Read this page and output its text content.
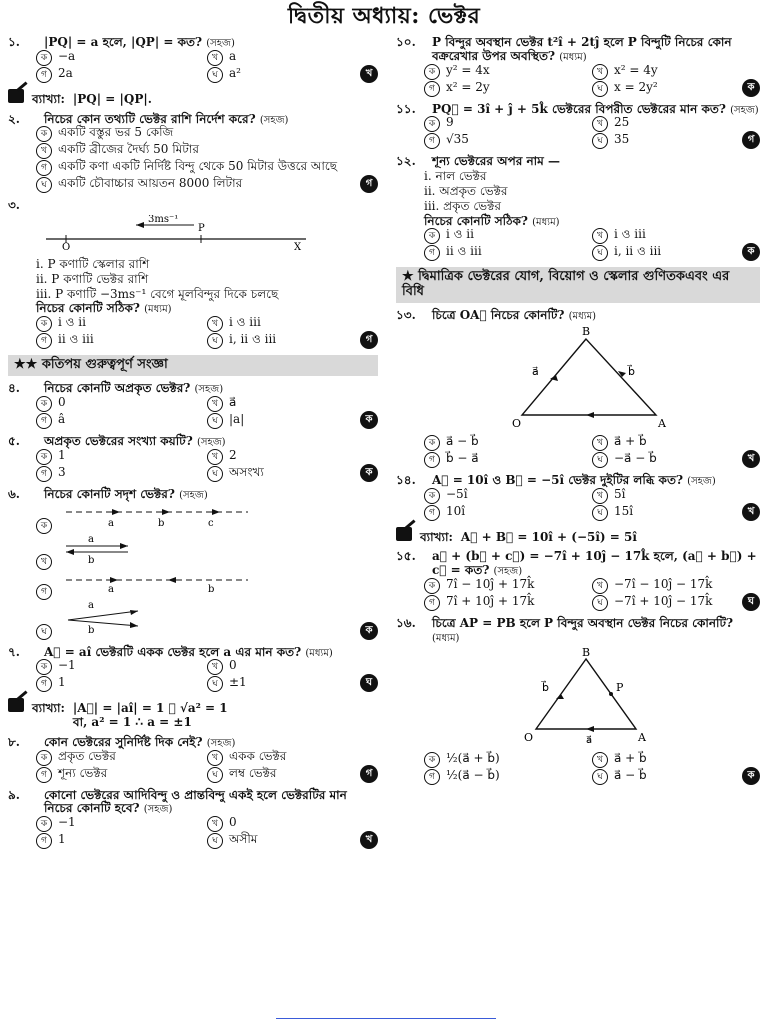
দ্বিতীয় অধ্যায়: ভেক্টর
১.	|PQ| = a হলে, |QP| = কত? (সহজ)
ক −a	খ a
গ 2a	ঘ a²	খ
ব্যাখ্যা: |PQ| = |QP|.
২.	নিচের কোন তথ্যটি ভেক্টর রাশি নির্দেশ করে? (সহজ)
ক একটি বস্তুর ভর 5 কেজি
খ একটি ব্রীজের দৈর্ঘ্য 50 মিটার
গ একটি কণা একটি নির্দিষ্ট বিন্দু থেকে 50 মিটার উত্তরে আছে
ঘ একটি চৌবাচ্চার আয়তন 8000 লিটার	গ
৩.
3ms⁻¹
P
O	X
i. P কণাটি স্কেলার রাশি
ii. P কণাটি ভেক্টর রাশি
iii. P কণাটি −3ms⁻¹ বেগে মূলবিন্দুর দিকে চলছে
নিচের কোনটি সঠিক? (মধ্যম)
ক i ও ii	খ i ও iii
গ ii ও iii	ঘ i, ii ও iii	গ
★★ কতিপয় গুরুত্বপূর্ণ সংজ্ঞা
৪.	নিচের কোনটি অপ্রকৃত ভেক্টর? (সহজ)
ক 0	খ a⃗
গ â	ঘ |a|	ক
৫.	অপ্রকৃত ভেক্টরের সংখ্যা কয়টি? (সহজ)
ক 1	খ 2
গ 3	ঘ অসংখ্য	ক
৬.	নিচের কোনটি সদৃশ ভেক্টর? (সহজ)
ক	a	b	c
খ
a
b
গ	a	b
ঘ
a
b	ক
৭.	A⃗ = aî ভেক্টরটি একক ভেক্টর হলে a এর মান কত? (মধ্যম)
ক −1	খ 0
গ 1	ঘ ±1	ঘ
ব্যাখ্যা: |A⃗| = |aî| = 1 ∴ √a² = 1
বা, a² = 1 ∴ a = ±1
৮.	কোন ভেক্টরের সুনির্দিষ্ট দিক নেই? (সহজ)
ক প্রকৃত ভেক্টর	খ একক ভেক্টর
গ শূন্য ভেক্টর	ঘ লম্ব ভেক্টর	গ
৯.	কোনো ভেক্টরের আদিবিন্দু ও প্রান্তবিন্দু একই হলে ভেক্টরটির মান নিচের কোনটি হবে? (সহজ)
ক −1	খ 0
গ 1	ঘ অসীম	খ
১০.	P বিন্দুর অবস্থান ভেক্টর t²î + 2tĵ হলে P বিন্দুটি নিচের কোন বক্ররেখার উপর অবস্থিত? (মধ্যম)
ক y² = 4x	খ x² = 4y
গ x² = 2y	ঘ x = 2y²	ক
১১.	PQ⃗ = 3î + ĵ + 5k̂ ভেক্টরের বিপরীত ভেক্টরের মান কত? (সহজ)
ক 9	খ 25
গ √35	ঘ 35	গ
১২.	শূন্য ভেক্টরের অপর নাম —
i. নাল ভেক্টর
ii. অপ্রকৃত ভেক্টর
iii. প্রকৃত ভেক্টর
নিচের কোনটি সঠিক? (মধ্যম)
ক i ও ii	খ i ও iii
গ ii ও iii	ঘ i, ii ও iii	ক
★ দ্বিমাত্রিক ভেক্টরের যোগ, বিয়োগ ও স্কেলার গুণিতকএবং এর বিধি
১৩.	চিত্রে OA⃗ নিচের কোনটি? (মধ্যম)
B
O	A
a⃗	b⃗
ক a⃗ − b⃗	খ a⃗ + b⃗
গ b⃗ − a⃗	ঘ −a⃗ − b⃗	খ
১৪.	A⃗ = 10î ও B⃗ = −5î ভেক্টর দুইটির লব্ধি কত? (সহজ)
ক −5î	খ 5î
গ 10î	ঘ 15î	খ
ব্যাখ্যা: A⃗ + B⃗ = 10î + (−5î) = 5î
১৫.	a⃗ + (b⃗ + c⃗) = −7î + 10ĵ − 17k̂ হলে, (a⃗ + b⃗) + c⃗ = কত? (সহজ)
ক 7î − 10ĵ + 17k̂	খ −7î − 10ĵ − 17k̂
গ 7î + 10ĵ + 17k̂	ঘ −7î + 10ĵ − 17k̂	ঘ
১৬.	চিত্রে AP = PB হলে P বিন্দুর অবস্থান ভেক্টর নিচের কোনটি? (মধ্যম)
B
O	A
P
a⃗
b⃗
ক ½(a⃗ + b⃗)	খ a⃗ + b⃗
গ ½(a⃗ − b⃗)	ঘ a⃗ − b⃗	ক
